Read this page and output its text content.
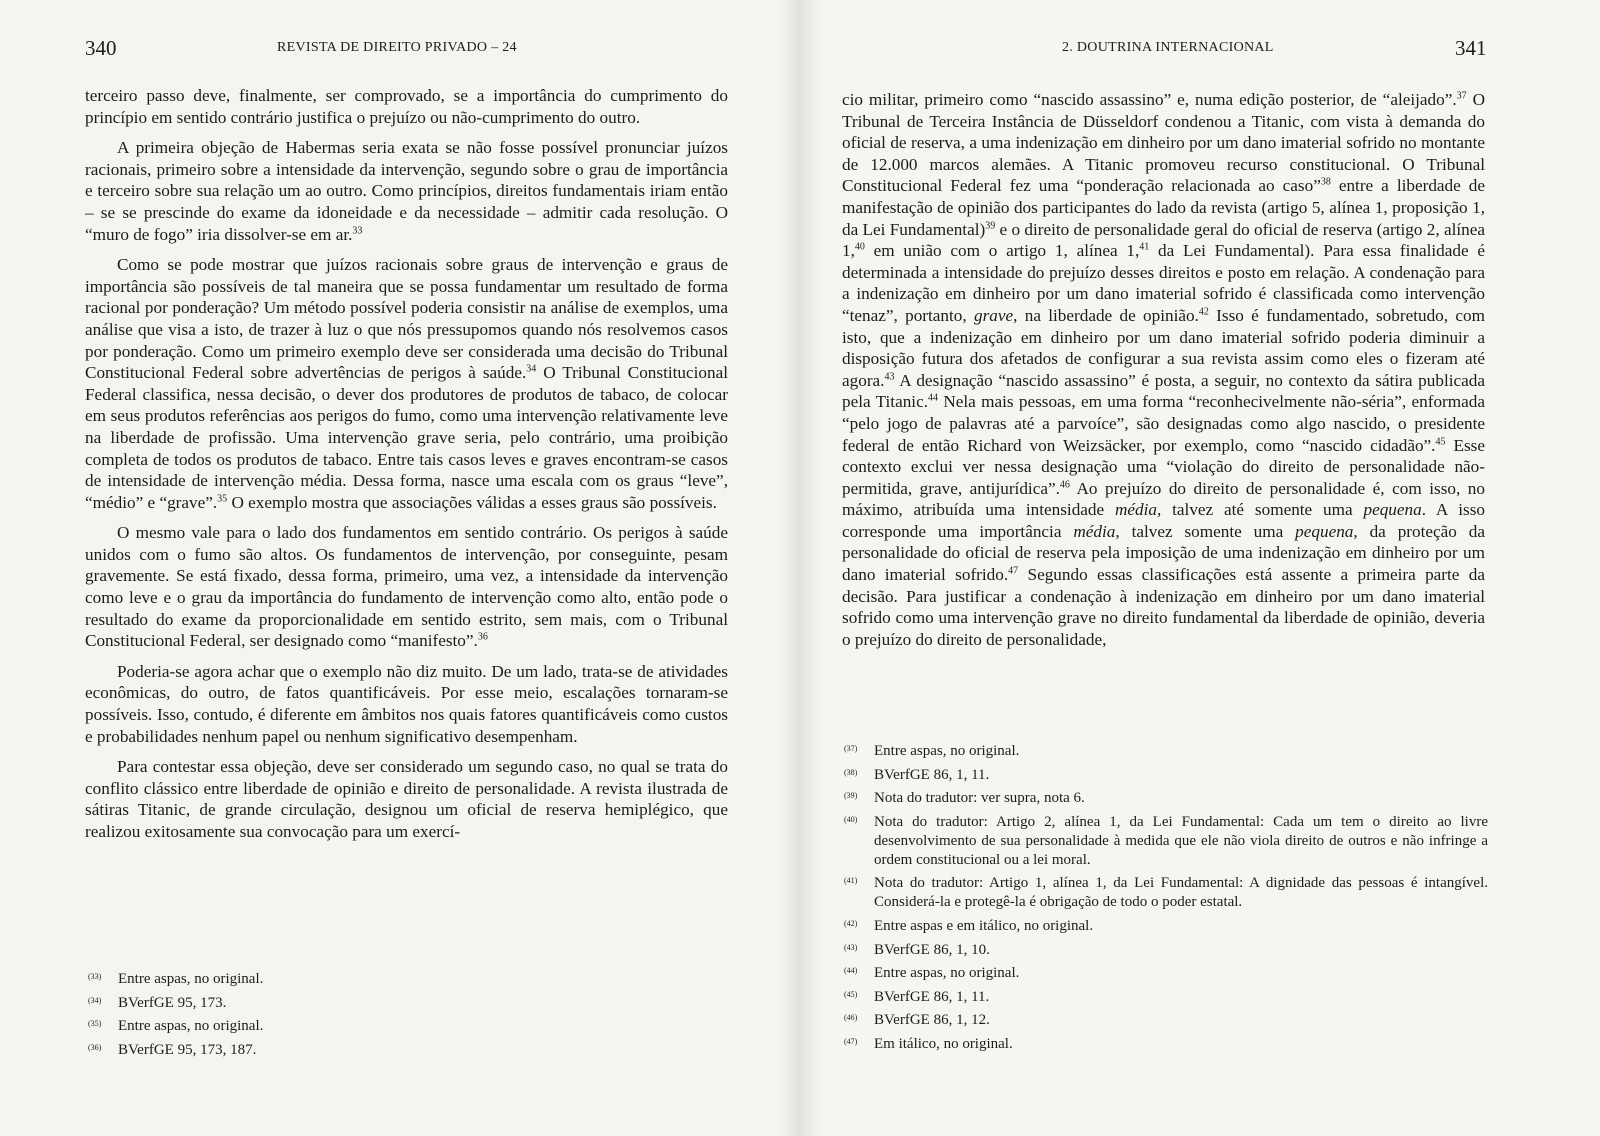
340	REVISTA DE DIREITO PRIVADO – 24

terceiro passo deve, finalmente, ser comprovado, se a importância do cumprimento do princípio em sentido contrário justifica o prejuízo ou não-cumprimento do outro.

A primeira objeção de Habermas seria exata se não fosse possível pronunciar juízos racionais, primeiro sobre a intensidade da intervenção, segundo sobre o grau de importância e terceiro sobre sua relação um ao outro. Como princípios, direitos fundamentais iriam então – se se prescinde do exame da idoneidade e da necessidade – admitir cada resolução. O “muro de fogo” iria dissolver-se em ar.$^{33}$

Como se pode mostrar que juízos racionais sobre graus de intervenção e graus de importância são possíveis de tal maneira que se possa fundamentar um resultado de forma racional por ponderação? Um método possível poderia consistir na análise de exemplos, uma análise que visa a isto, de trazer à luz o que nós pressupomos quando nós resolvemos casos por ponderação. Como um primeiro exemplo deve ser considerada uma decisão do Tribunal Constitucional Federal sobre advertências de perigos à saúde.$^{34}$ O Tribunal Constitucional Federal classifica, nessa decisão, o dever dos produtores de produtos de tabaco, de colocar em seus produtos referências aos perigos do fumo, como uma intervenção relativamente leve na liberdade de profissão. Uma intervenção grave seria, pelo contrário, uma proibição completa de todos os produtos de tabaco. Entre tais casos leves e graves encontram-se casos de intensidade de intervenção média. Dessa forma, nasce uma escala com os graus “leve”, “médio” e “grave”.$^{35}$ O exemplo mostra que associações válidas a esses graus são possíveis.

O mesmo vale para o lado dos fundamentos em sentido contrário. Os perigos à saúde unidos com o fumo são altos. Os fundamentos de intervenção, por conseguinte, pesam gravemente. Se está fixado, dessa forma, primeiro, uma vez, a intensidade da intervenção como leve e o grau da importância do fundamento de intervenção como alto, então pode o resultado do exame da proporcionalidade em sentido estrito, sem mais, com o Tribunal Constitucional Federal, ser designado como “manifesto”.$^{36}$

Poderia-se agora achar que o exemplo não diz muito. De um lado, trata-se de atividades econômicas, do outro, de fatos quantificáveis. Por esse meio, escalações tornaram-se possíveis. Isso, contudo, é diferente em âmbitos nos quais fatores quantificáveis como custos e probabilidades nenhum papel ou nenhum significativo desempenham.

Para contestar essa objeção, deve ser considerado um segundo caso, no qual se trata do conflito clássico entre liberdade de opinião e direito de personalidade. A revista ilustrada de sátiras Titanic, de grande circulação, designou um oficial de reserva hemiplégico, que realizou exitosamente sua convocação para um exercí-

(33)	Entre aspas, no original.
(34)	BVerfGE 95, 173.
(35)	Entre aspas, no original.
(36)	BVerfGE 95, 173, 187.
2. DOUTRINA INTERNACIONAL	341

cio militar, primeiro como “nascido assassino” e, numa edição posterior, de “aleijado”.$^{37}$ O Tribunal de Terceira Instância de Düsseldorf condenou a Titanic, com vista à demanda do oficial de reserva, a uma indenização em dinheiro por um dano imaterial sofrido no montante de 12.000 marcos alemães. A Titanic promoveu recurso constitucional. O Tribunal Constitucional Federal fez uma “ponderação relacionada ao caso”$^{38}$ entre a liberdade de manifestação de opinião dos participantes do lado da revista (artigo 5, alínea 1, proposição 1, da Lei Fundamental)$^{39}$ e o direito de personalidade geral do oficial de reserva (artigo 2, alínea 1,40 em união com o artigo 1, alínea 1,41 da Lei Fundamental). Para essa finalidade é determinada a intensidade do prejuízo desses direitos e posto em relação. A condenação para a indenização em dinheiro por um dano imaterial sofrido é classificada como intervenção “tenaz”, portanto, grave, na liberdade de opinião.$^{42}$ Isso é fundamentado, sobretudo, com isto, que a indenização em dinheiro por um dano imaterial sofrido poderia diminuir a disposição futura dos afetados de configurar a sua revista assim como eles o fizeram até agora.$^{43}$ A designação “nascido assassino” é posta, a seguir, no contexto da sátira publicada pela Titanic.$^{44}$ Nela mais pessoas, em uma forma “reconhecivelmente não-séria”, enformada “pelo jogo de palavras até a parvoíce”, são designadas como algo nascido, o presidente federal de então Richard von Weizsäcker, por exemplo, como “nascido cidadão”.$^{45}$ Esse contexto exclui ver nessa designação uma “violação do direito de personalidade não-permitida, grave, antijurídica”.$^{46}$ Ao prejuízo do direito de personalidade é, com isso, no máximo, atribuída uma intensidade média, talvez até somente uma pequena. A isso corresponde uma importância média, talvez somente uma pequena, da proteção da personalidade do oficial de reserva pela imposição de uma indenização em dinheiro por um dano imaterial sofrido.$^{47}$ Segundo essas classificações está assente a primeira parte da decisão. Para justificar a condenação à indenização em dinheiro por um dano imaterial sofrido como uma intervenção grave no direito fundamental da liberdade de opinião, deveria o prejuízo do direito de personalidade,

(37)	Entre aspas, no original.
(38)	BVerfGE 86, 1, 11.
(39)	Nota do tradutor: ver supra, nota 6.
(40)	Nota do tradutor: Artigo 2, alínea 1, da Lei Fundamental: Cada um tem o direito ao livre desenvolvimento de sua personalidade à medida que ele não viola direito de outros e não infringe a ordem constitucional ou a lei moral.
(41)	Nota do tradutor: Artigo 1, alínea 1, da Lei Fundamental: A dignidade das pessoas é intangível. Considerá-la e protegê-la é obrigação de todo o poder estatal.
(42)	Entre aspas e em itálico, no original.
(43)	BVerfGE 86, 1, 10.
(44)	Entre aspas, no original.
(45)	BVerfGE 86, 1, 11.
(46)	BVerfGE 86, 1, 12.
(47)	Em itálico, no original.
